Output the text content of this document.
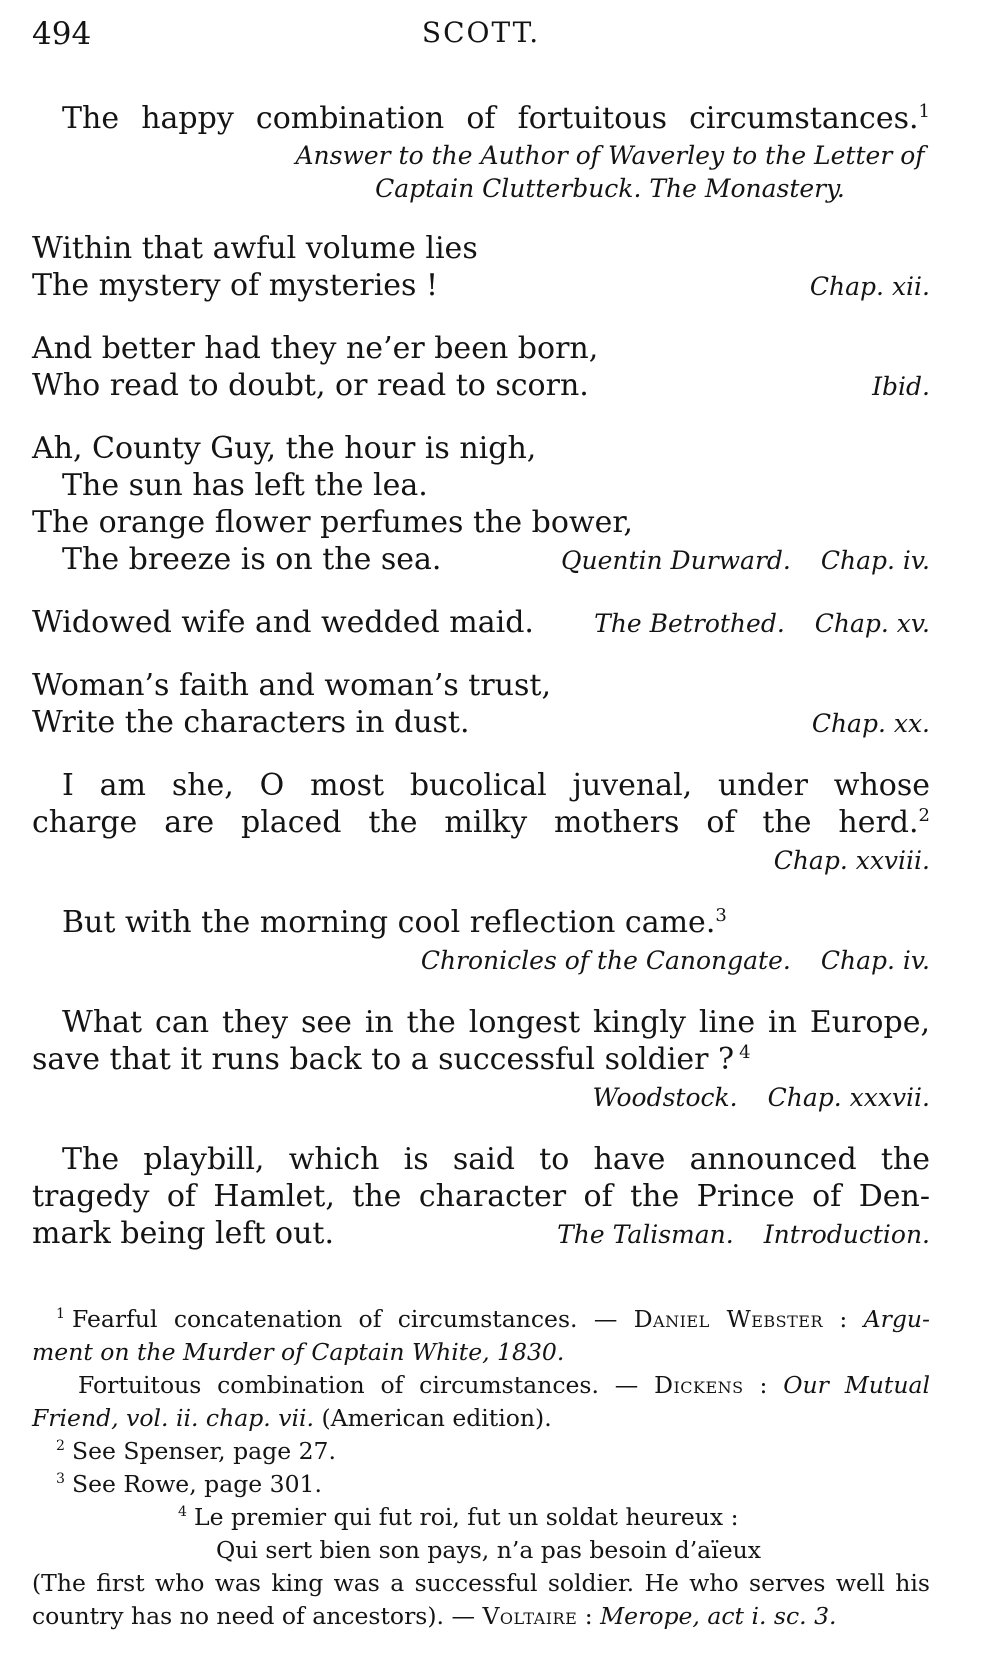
494	SCOTT.

The happy combination of fortuitous circumstances.$^1$

Answer to the Author of Waverley to the Letter of
Captain Clutterbuck. The Monastery.

Within that awful volume lies

The mystery of mysteries !	Chap. xii.

And better had they ne’er been born,

Who read to doubt, or read to scorn.	Ibid.

Ah, County Guy, the hour is nigh,

The sun has left the lea.

The orange flower perfumes the bower,

The breeze is on the sea.	Quentin Durward. Chap. iv.

Widowed wife and wedded maid. The Betrothed. Chap. xv.

Woman’s faith and woman’s trust,

Write the characters in dust.	Chap. xx.

I am she, O most bucolical juvenal, under whose

charge are placed the milky mothers of the herd.$^2$

Chap. xxviii.

But with the morning cool reflection came.$^3$

Chronicles of the Canongate. Chap. iv.

What can they see in the longest kingly line in Europe,

save that it runs back to a successful soldier ? $^4$

Woodstock. Chap. xxxvii.

The playbill, which is said to have announced the

tragedy of Hamlet, the character of the Prince of Den-

mark being left out.	The Talisman. Introduction.

$^1$ Fearful concatenation of circumstances. — Daniel Webster : Argu-

ment on the Murder of Captain White, 1830.

Fortuitous combination of circumstances. — Dickens : Our Mutual

Friend, vol. ii. chap. vii. (American edition).

$^2$ See Spenser, page 27.

$^3$ See Rowe, page 301.

$^4$ Le premier qui fut roi, fut un soldat heureux :

Qui sert bien son pays, n’a pas besoin d’aïeux

(The first who was king was a successful soldier. He who serves well his

country has no need of ancestors). — Voltaire : Merope, act i. sc. 3.
